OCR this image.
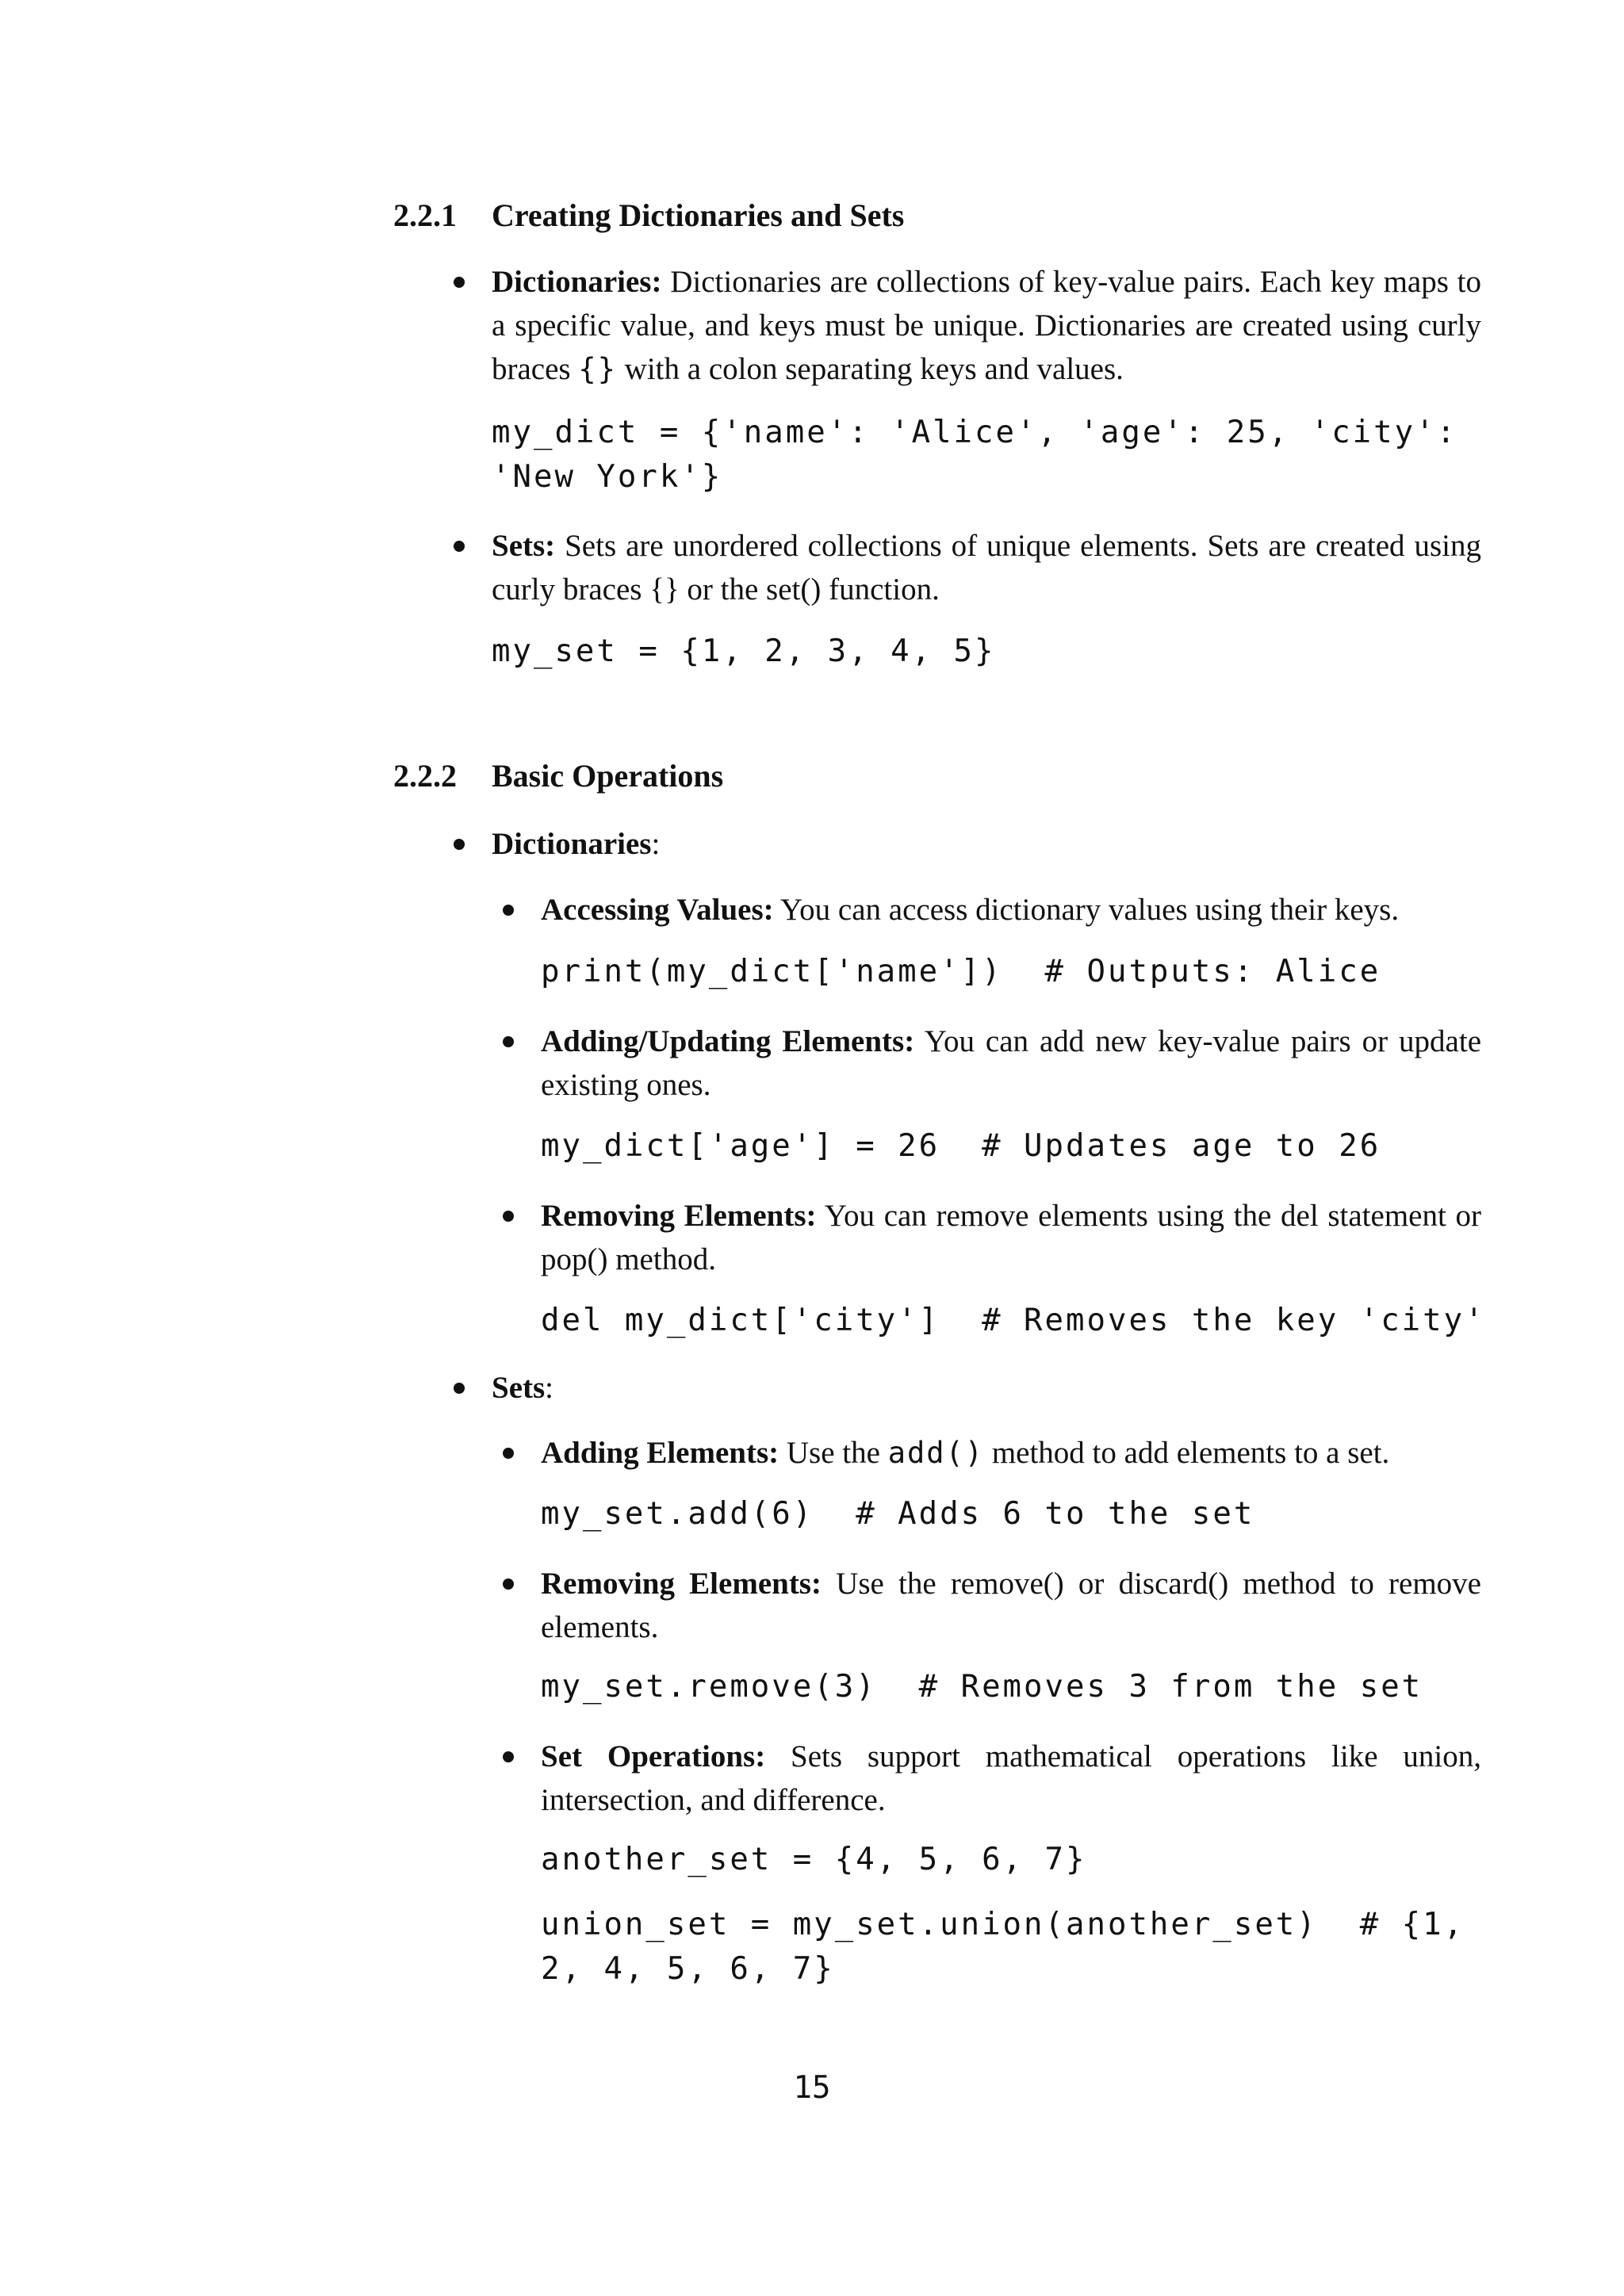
2.2.1 Creating Dictionaries and Sets
Dictionaries: Dictionaries are collections of key-value pairs. Each key maps to a specific value, and keys must be unique. Dictionaries are created using curly braces {} with a colon separating keys and values.
my_dict = {'name': 'Alice', 'age': 25, 'city': 'New York'}
Sets: Sets are unordered collections of unique elements. Sets are created using curly braces {} or the set() function.
my_set = {1, 2, 3, 4, 5}
2.2.2 Basic Operations
Dictionaries:
Accessing Values: You can access dictionary values using their keys.
print(my_dict['name'])  # Outputs: Alice
Adding/Updating Elements: You can add new key-value pairs or update existing ones.
my_dict['age'] = 26  # Updates age to 26
Removing Elements: You can remove elements using the del statement or pop() method.
del my_dict['city']  # Removes the key 'city'
Sets:
Adding Elements: Use the add() method to add elements to a set.
my_set.add(6)  # Adds 6 to the set
Removing Elements: Use the remove() or discard() method to remove elements.
my_set.remove(3)  # Removes 3 from the set
Set Operations: Sets support mathematical operations like union, intersection, and difference.
another_set = {4, 5, 6, 7}
union_set = my_set.union(another_set)  # {1, 2, 4, 5, 6, 7}
15
